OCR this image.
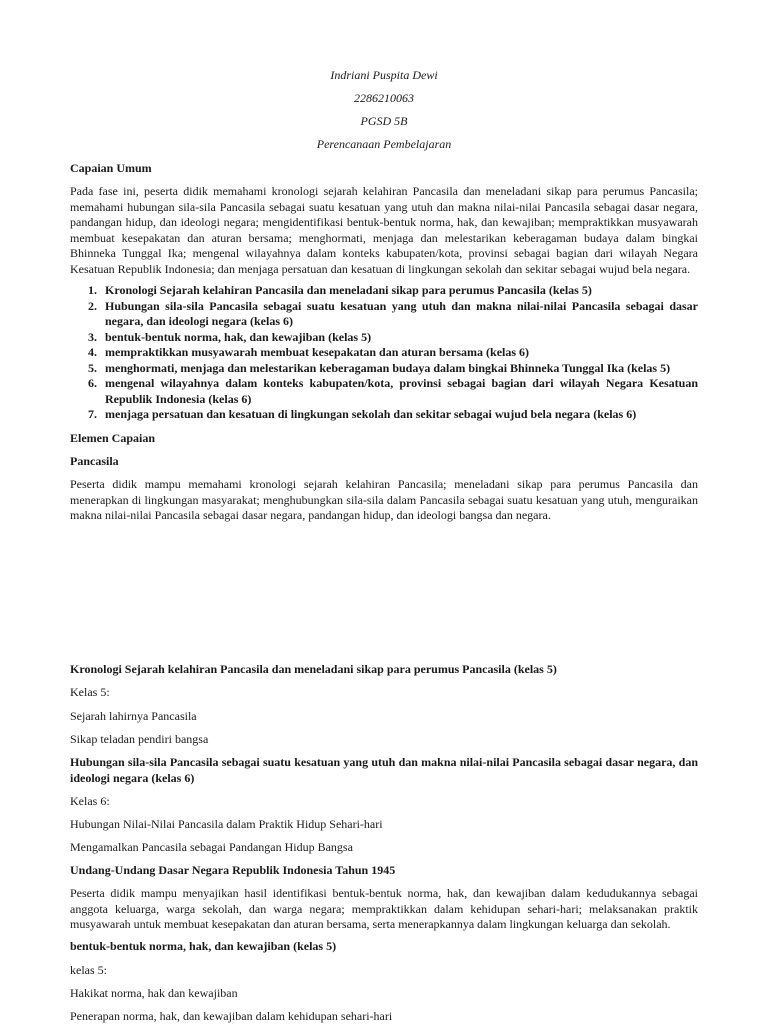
Indriani Puspita Dewi
2286210063
PGSD 5B
Perencanaan Pembelajaran
Capaian Umum
Pada fase ini, peserta didik memahami kronologi sejarah kelahiran Pancasila dan meneladani sikap para perumus Pancasila; memahami hubungan sila-sila Pancasila sebagai suatu kesatuan yang utuh dan makna nilai-nilai Pancasila sebagai dasar negara, pandangan hidup, dan ideologi negara; mengidentifikasi bentuk-bentuk norma, hak, dan kewajiban; mempraktikkan musyawarah membuat kesepakatan dan aturan bersama; menghormati, menjaga dan melestarikan keberagaman budaya dalam bingkai Bhinneka Tunggal Ika; mengenal wilayahnya dalam konteks kabupaten/kota, provinsi sebagai bagian dari wilayah Negara Kesatuan Republik Indonesia; dan menjaga persatuan dan kesatuan di lingkungan sekolah dan sekitar sebagai wujud bela negara.
1. Kronologi Sejarah kelahiran Pancasila dan meneladani sikap para perumus Pancasila (kelas 5)
2. Hubungan sila-sila Pancasila sebagai suatu kesatuan yang utuh dan makna nilai-nilai Pancasila sebagai dasar negara, dan ideologi negara (kelas 6)
3. bentuk-bentuk norma, hak, dan kewajiban (kelas 5)
4. mempraktikkan musyawarah membuat kesepakatan dan aturan bersama (kelas 6)
5. menghormati, menjaga dan melestarikan keberagaman budaya dalam bingkai Bhinneka Tunggal Ika (kelas 5)
6. mengenal wilayahnya dalam konteks kabupaten/kota, provinsi sebagai bagian dari wilayah Negara Kesatuan Republik Indonesia (kelas 6)
7. menjaga persatuan dan kesatuan di lingkungan sekolah dan sekitar sebagai wujud bela negara (kelas 6)
Elemen Capaian
Pancasila
Peserta didik mampu memahami kronologi sejarah kelahiran Pancasila; meneladani sikap para perumus Pancasila dan menerapkan di lingkungan masyarakat; menghubungkan sila-sila dalam Pancasila sebagai suatu kesatuan yang utuh, menguraikan makna nilai-nilai Pancasila sebagai dasar negara, pandangan hidup, dan ideologi bangsa dan negara.
Kronologi Sejarah kelahiran Pancasila dan meneladani sikap para perumus Pancasila (kelas 5)
Kelas 5:
Sejarah lahirnya Pancasila
Sikap teladan pendiri bangsa
Hubungan sila-sila Pancasila sebagai suatu kesatuan yang utuh dan makna nilai-nilai Pancasila sebagai dasar negara, dan ideologi negara (kelas 6)
Kelas 6:
Hubungan Nilai-Nilai Pancasila dalam Praktik Hidup Sehari-hari
Mengamalkan Pancasila sebagai Pandangan Hidup Bangsa
Undang-Undang Dasar Negara Republik Indonesia Tahun 1945
Peserta didik mampu menyajikan hasil identifikasi bentuk-bentuk norma, hak, dan kewajiban dalam kedudukannya sebagai anggota keluarga, warga sekolah, dan warga negara; mempraktikkan dalam kehidupan sehari-hari; melaksanakan praktik musyawarah untuk membuat kesepakatan dan aturan bersama, serta menerapkannya dalam lingkungan keluarga dan sekolah.
bentuk-bentuk norma, hak, dan kewajiban (kelas 5)
kelas 5:
Hakikat norma, hak dan kewajiban
Penerapan norma, hak, dan kewajiban dalam kehidupan sehari-hari
